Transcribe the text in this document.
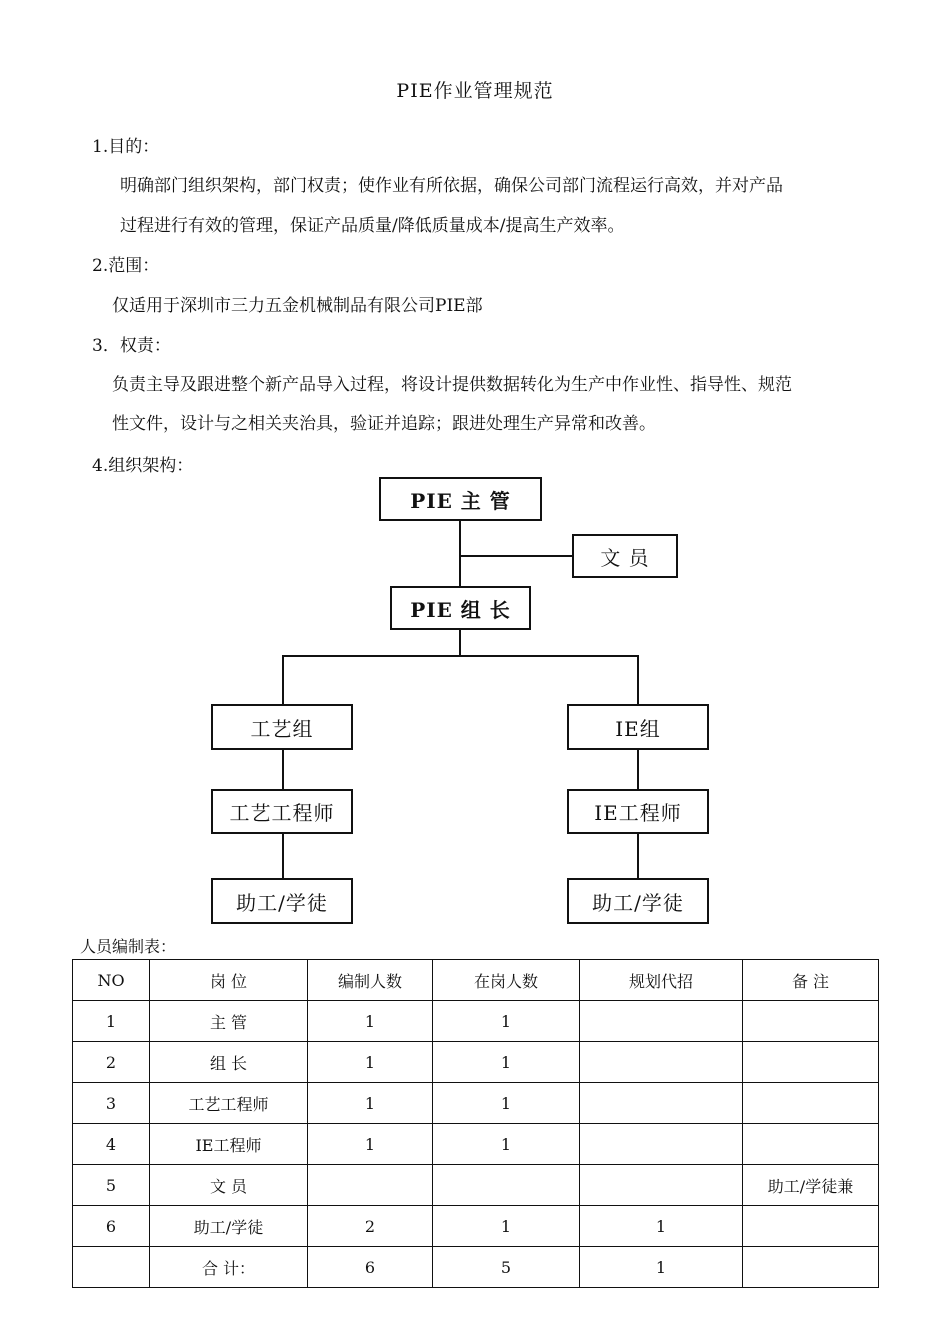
PIE作业管理规范
1.目的：
明确部门组织架构，部门权责；使作业有所依据，确保公司部门流程运行高效，并对产品
过程进行有效的管理，保证产品质量/降低质量成本/提高生产效率。
2.范围：
仅适用于深圳市三力五金机械制品有限公司PIE部
3．权责：
负责主导及跟进整个新产品导入过程，将设计提供数据转化为生产中作业性、指导性、规范
性文件，设计与之相关夹治具，验证并追踪；跟进处理生产异常和改善。
4.组织架构：
PIE 主 管
文 员
PIE 组 长
工艺组	IE组
工艺工程师	IE工程师
助工/学徒	助工/学徒
人员编制表：
NO	岗 位	编制人数	在岗人数	规划代招	备 注
1	主 管	1	1		
2	组 长	1	1		
3	工艺工程师	1	1		
4	IE工程师	1	1		
5	文 员				助工/学徒兼
6	助工/学徒	2	1	1	
	合 计：	6	5	1	
